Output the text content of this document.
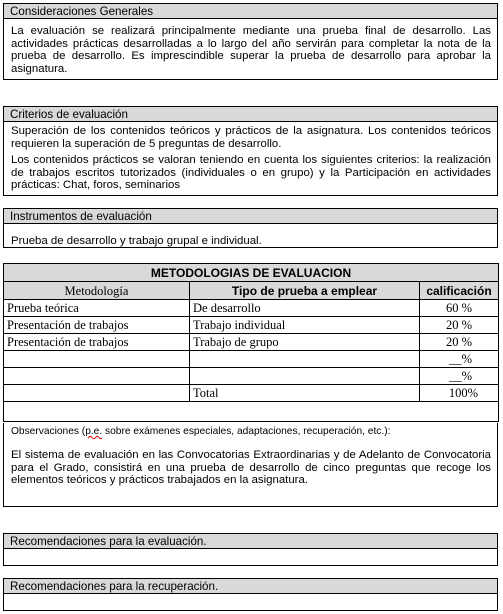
Consideraciones Generales

La evaluación se realizará principalmente mediante una prueba final de desarrollo. Las actividades prácticas desarrolladas a lo largo del año servirán para completar la nota de la prueba de desarrollo. Es imprescindible superar la prueba de desarrollo para aprobar la asignatura.

Criterios de evaluación

Superación de los contenidos teóricos y prácticos de la asignatura. Los contenidos teóricos requieren la superación de 5 preguntas de desarrollo.

Los contenidos prácticos se valoran teniendo en cuenta los siguientes criterios: la realización de trabajos escritos tutorizados (individuales o en grupo) y la Participación en actividades prácticas: Chat, foros, seminarios

Instrumentos de evaluación

Prueba de desarrollo y trabajo grupal e individual.

METODOLOGIAS DE EVALUACION		
Metodología	Tipo de prueba a emplear	calificación
Prueba teórica	De desarrollo	60 %
Presentación de trabajos	Trabajo individual	20 %
Presentación de trabajos	Trabajo de grupo	20 %
		__%
		__%
	Total	100%

Observaciones (p.e. sobre exámenes especiales, adaptaciones, recuperación, etc.):

El sistema de evaluación en las Convocatorias Extraordinarias y de Adelanto de Convocatoria para el Grado, consistirá en una prueba de desarrollo de cinco preguntas que recoge los elementos teóricos y prácticos trabajados en la asignatura.

Recomendaciones para la evaluación.
Recomendaciones para la recuperación.
